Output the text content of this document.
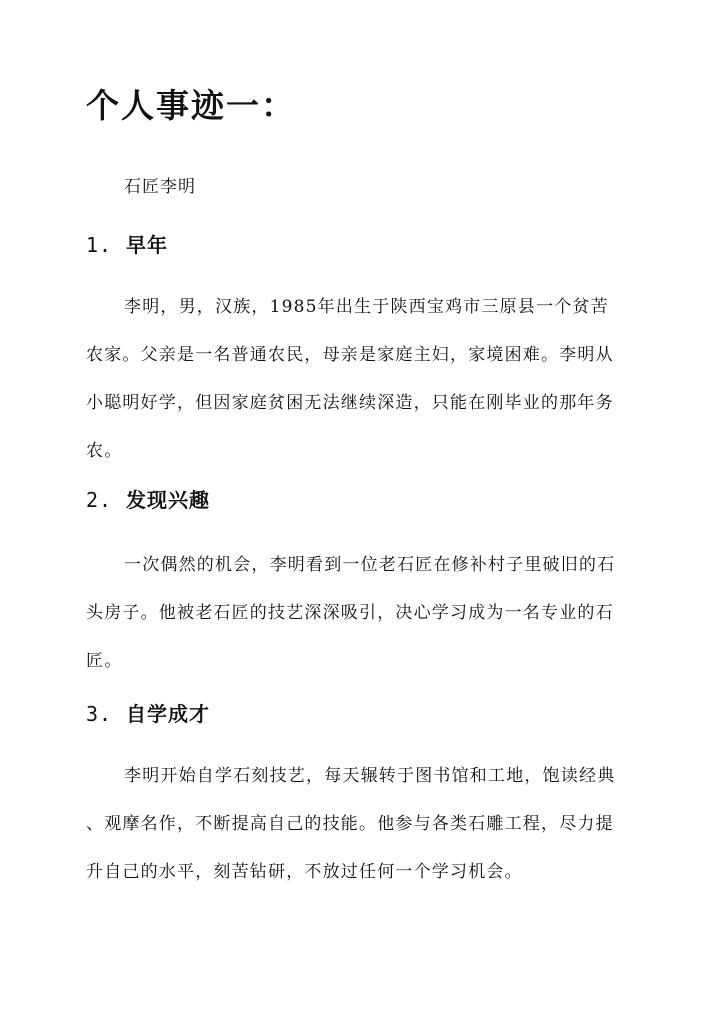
个人事迹一：

石匠李明

1. 早年
李明，男，汉族，1985年出生于陕西宝鸡市三原县一个贫苦
农家。父亲是一名普通农民，母亲是家庭主妇，家境困难。李明从
小聪明好学，但因家庭贫困无法继续深造，只能在刚毕业的那年务
农。
2. 发现兴趣
一次偶然的机会，李明看到一位老石匠在修补村子里破旧的石
头房子。他被老石匠的技艺深深吸引，决心学习成为一名专业的石
匠。
3. 自学成才
李明开始自学石刻技艺，每天辗转于图书馆和工地，饱读经典
、观摩名作，不断提高自己的技能。他参与各类石雕工程，尽力提
升自己的水平，刻苦钻研，不放过任何一个学习机会。
